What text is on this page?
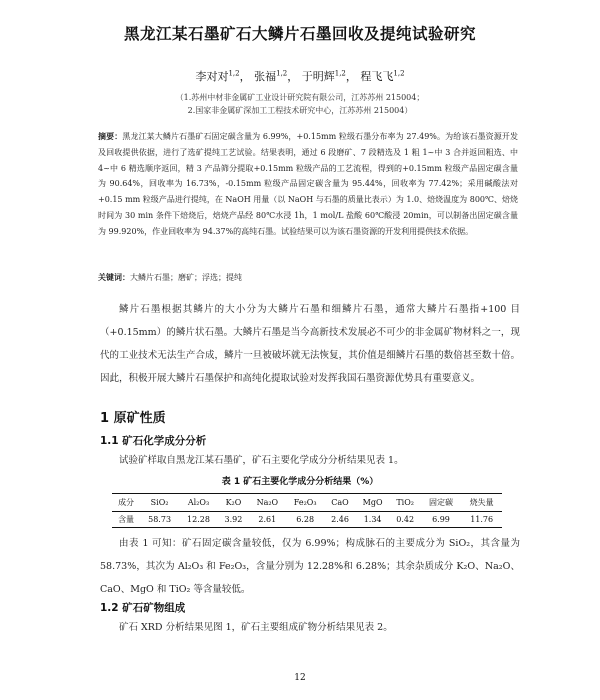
黑龙江某石墨矿石大鳞片石墨回收及提纯试验研究
李对对$^{1,2}$， 张福$^{1,2}$， 于明辉$^{1,2}$， 程飞飞$^{1,2}$
（1.苏州中材非金属矿工业设计研究院有限公司，江苏苏州 215004；
2.国家非金属矿深加工工程技术研究中心，江苏苏州 215004）
摘要：黑龙江某大鳞片石墨矿石固定碳含量为 6.99%，+0.15mm 粒级石墨分布率为 27.49%。为给该石墨资源开发及回收提供依据，进行了选矿提纯工艺试验。结果表明，通过 6 段磨矿、7 段精选及 1 粗 1~中 3 合并返回粗选、中 4~中 6 精选顺序返回，精 3 产品筛分提取+0.15mm 粒级产品的工艺流程，得到的+0.15mm 粒级产品固定碳含量为 90.64%，回收率为 16.73%，-0.15mm 粒级产品固定碳含量为 95.44%，回收率为 77.42%；采用碱酸法对+0.15 mm 粒级产品进行提纯，在 NaOH 用量（以 NaOH 与石墨的质量比表示）为 1.0、焙烧温度为 800℃、焙烧时间为 30 min 条件下焙烧后，焙烧产品经 80℃水浸 1h，1 mol/L 盐酸 60℃酸浸 20min，可以制备出固定碳含量为 99.920%，作业回收率为 94.37%的高纯石墨。试验结果可以为该石墨资源的开发利用提供技术依据。
关键词：大鳞片石墨；磨矿；浮选；提纯
鳞片石墨根据其鳞片的大小分为大鳞片石墨和细鳞片石墨，通常大鳞片石墨指+100 目（+0.15mm）的鳞片状石墨。大鳞片石墨是当今高新技术发展必不可少的非金属矿物材料之一，现代的工业技术无法生产合成，鳞片一旦被破坏就无法恢复，其价值是细鳞片石墨的数倍甚至数十倍。因此，积极开展大鳞片石墨保护和高纯化提取试验对发挥我国石墨资源优势具有重要意义。
1 原矿性质
1.1 矿石化学成分分析
试验矿样取自黑龙江某石墨矿，矿石主要化学成分分析结果见表 1。
表 1 矿石主要化学成分分析结果（%）
成分	SiO₂	Al₂O₃	K₂O	Na₂O	Fe₂O₃	CaO	MgO	TiO₂	固定碳	烧失量
含量	58.73	12.28	3.92	2.61	6.28	2.46	1.34	0.42	6.99	11.76
由表 1 可知：矿石固定碳含量较低，仅为 6.99%；构成脉石的主要成分为 SiO₂，其含量为 58.73%，其次为 Al₂O₃ 和 Fe₂O₃，含量分别为 12.28%和 6.28%；其余杂质成分 K₂O、Na₂O、CaO、MgO 和 TiO₂ 等含量较低。
1.2 矿石矿物组成
矿石 XRD 分析结果见图 1，矿石主要组成矿物分析结果见表 2。
12
